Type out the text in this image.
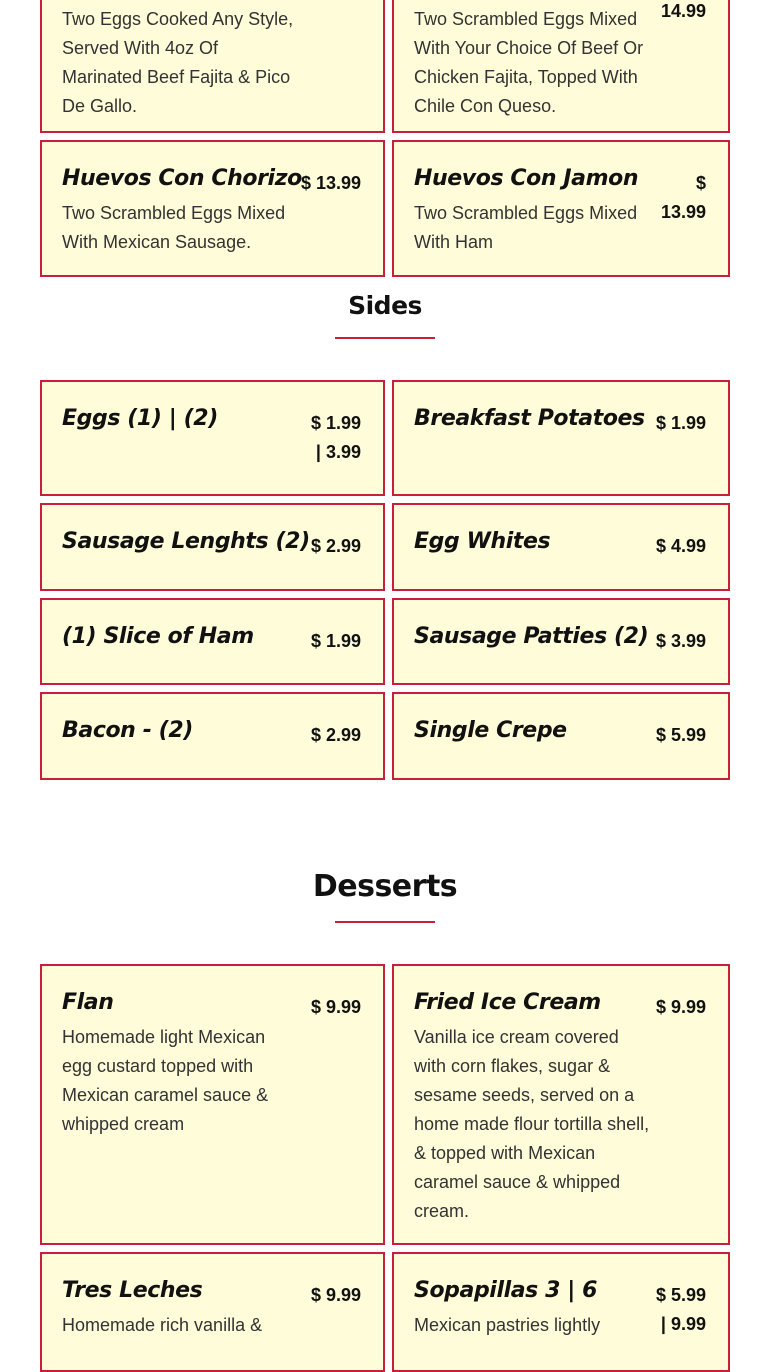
Two Eggs Cooked Any Style, Served With 4oz Of Marinated Beef Fajita & Pico De Gallo.
14.99
Two Scrambled Eggs Mixed With Your Choice Of Beef Or Chicken Fajita, Topped With Chile Con Queso.
Huevos Con Chorizo $ 13.99
Two Scrambled Eggs Mixed With Mexican Sausage.
Huevos Con Jamon	$ 13.99
Two Scrambled Eggs Mixed With Ham
Sides
Eggs (1) | (2)	$ 1.99 | 3.99
Breakfast Potatoes $ 1.99
Sausage Lenghts (2) $ 2.99 Egg Whites	$ 4.99
(1) Slice of Ham	$ 1.99 Sausage Patties (2) $ 3.99
Bacon - (2)	$ 2.99 Single Crepe	$ 5.99
Desserts
Flan	$ 9.99
Homemade light Mexican egg custard topped with Mexican caramel sauce & whipped cream
Fried Ice Cream	$ 9.99
Vanilla ice cream covered with corn flakes, sugar & sesame seeds, served on a home made flour tortilla shell, & topped with Mexican caramel sauce & whipped cream.
Tres Leches	$ 9.99
Homemade rich vanilla &
Sopapillas 3 | 6	$ 5.99 | 9.99
Mexican pastries lightly
